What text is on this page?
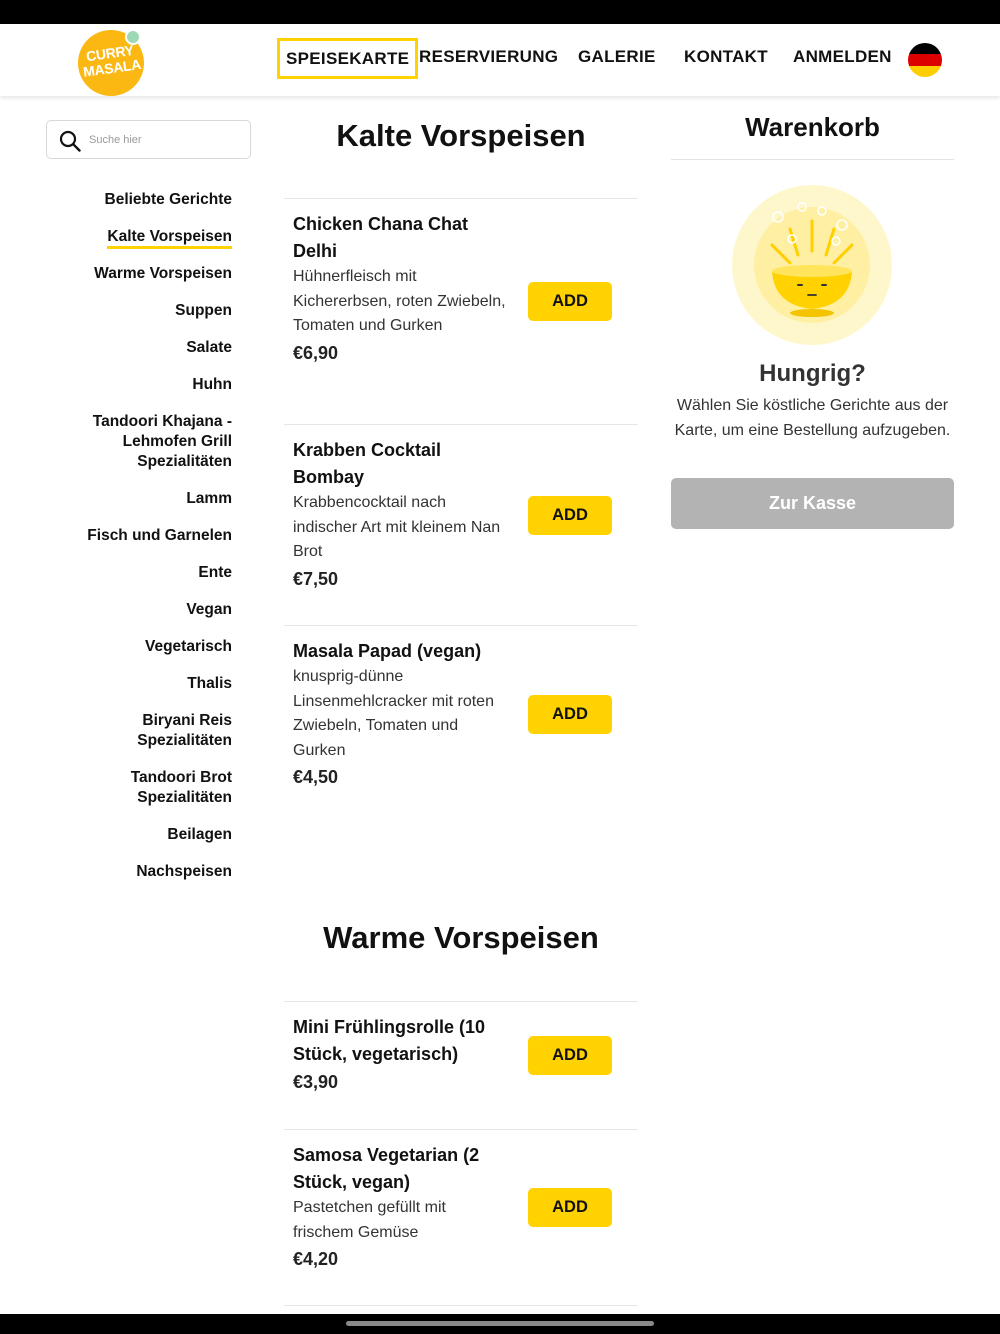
CURRY MASALA	SPEISEKARTE RESERVIERUNG GALERIE KONTAKT ANMELDEN
Suche hier
Beliebte Gerichte
Kalte Vorspeisen
Warme Vorspeisen
Suppen
Salate
Huhn
Tandoori Khajana - Lehmofen Grill Spezialitäten
Lamm
Fisch und Garnelen
Ente
Vegan
Vegetarisch
Thalis
Biryani Reis Spezialitäten
Tandoori Brot Spezialitäten
Beilagen
Nachspeisen
Kalte Vorspeisen
Chicken Chana Chat Delhi
Hühnerfleisch mit Kichererbsen, roten Zwiebeln, Tomaten und Gurken
€6,90
ADD
Krabben Cocktail Bombay
Krabbencocktail nach indischer Art mit kleinem Nan Brot
€7,50
ADD
Masala Papad (vegan)
knusprig-dünne Linsenmehlcracker mit roten Zwiebeln, Tomaten und Gurken
€4,50
ADD
Warme Vorspeisen
Mini Frühlingsrolle (10 Stück, vegetarisch)
€3,90
ADD
Samosa Vegetarian (2 Stück, vegan)
Pastetchen gefüllt mit frischem Gemüse
€4,20
ADD
Warenkorb
Hungrig?
Wählen Sie köstliche Gerichte aus der Karte, um eine Bestellung aufzugeben.
Zur Kasse
